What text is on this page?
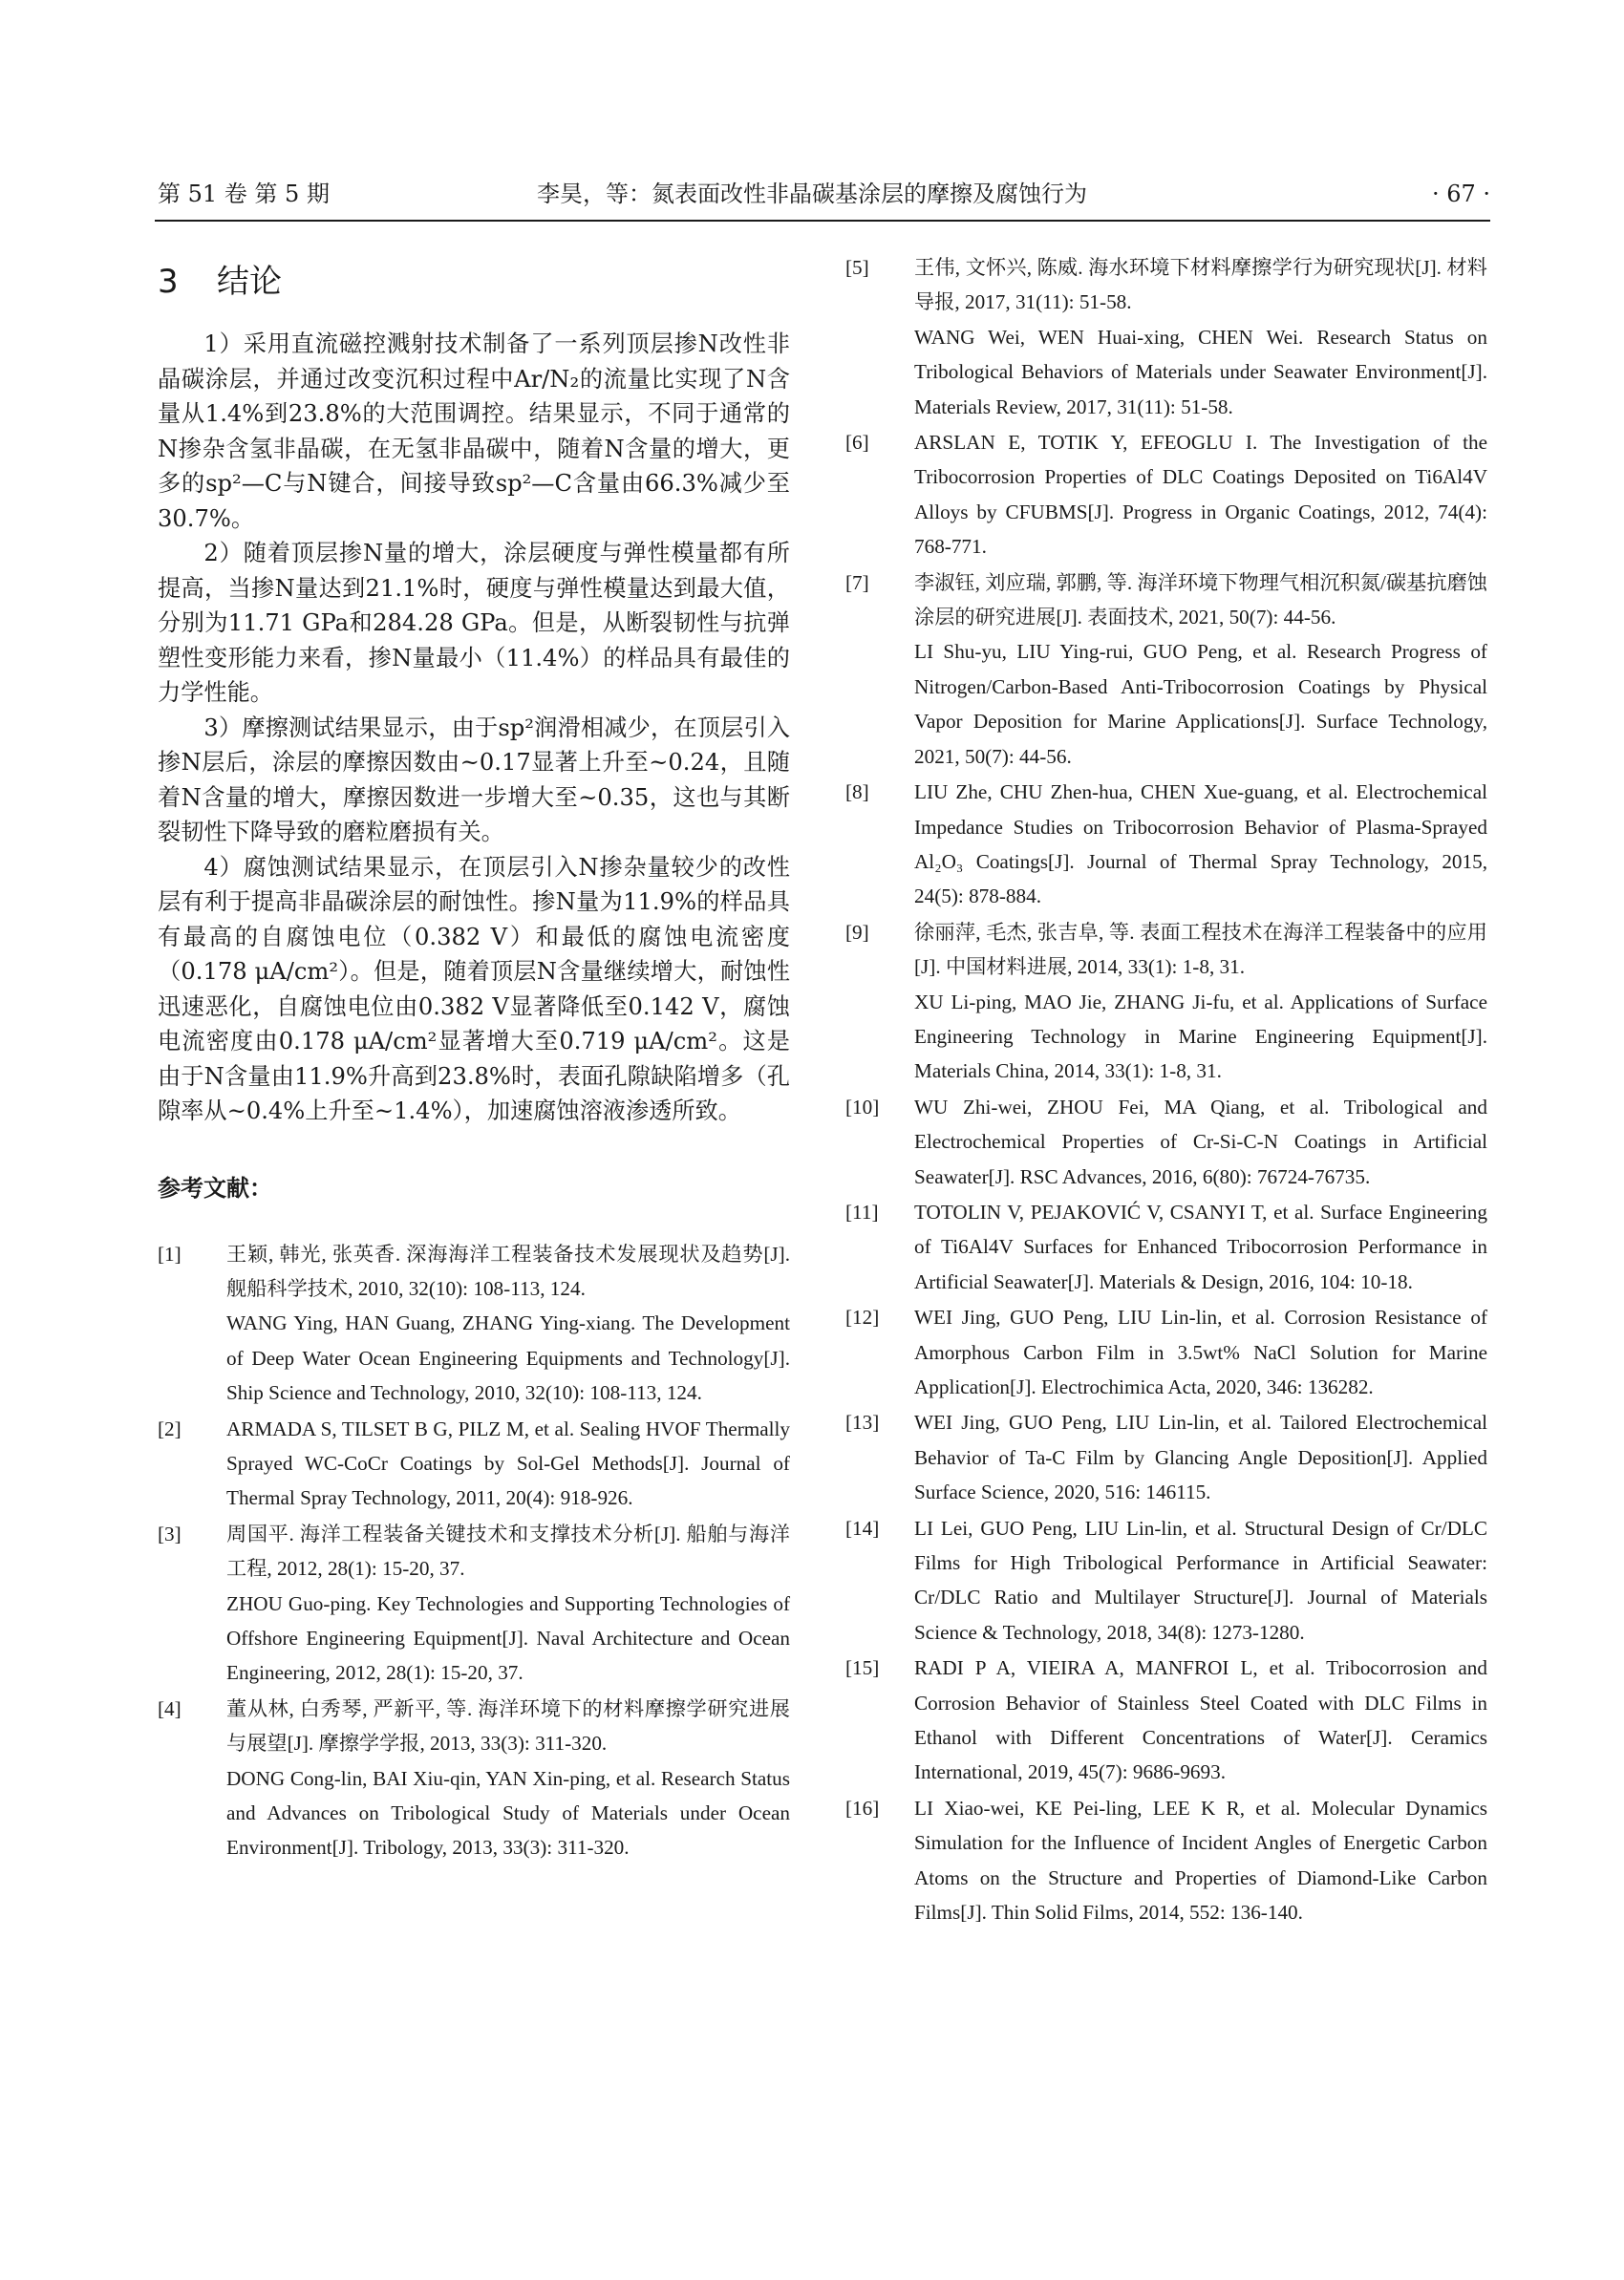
李昊，等：氮表面改性非晶碳基涂层的摩擦及腐蚀行为
第 51 卷 第 5 期	· 67 ·
3 结论

1）采用直流磁控溅射技术制备了一系列顶层掺N改性非晶碳涂层，并通过改变沉积过程中Ar/N₂的流量比实现了N含量从1.4%到23.8%的大范围调控。结果显示，不同于通常的N掺杂含氢非晶碳，在无氢非晶碳中，随着N含量的增大，更多的sp²—C与N键合，间接导致sp²—C含量由66.3%减少至30.7%。

2）随着顶层掺N量的增大，涂层硬度与弹性模量都有所提高，当掺N量达到21.1%时，硬度与弹性模量达到最大值，分别为11.71 GPa和284.28 GPa。但是，从断裂韧性与抗弹塑性变形能力来看，掺N量最小（11.4%）的样品具有最佳的力学性能。

3）摩擦测试结果显示，由于sp²润滑相减少，在顶层引入掺N层后，涂层的摩擦因数由~0.17显著上升至~0.24，且随着N含量的增大，摩擦因数进一步增大至~0.35，这也与其断裂韧性下降导致的磨粒磨损有关。

4）腐蚀测试结果显示，在顶层引入N掺杂量较少的改性层有利于提高非晶碳涂层的耐蚀性。掺N量为11.9%的样品具有最高的自腐蚀电位（0.382 V）和最低的腐蚀电流密度（0.178 μA/cm²）。但是，随着顶层N含量继续增大，耐蚀性迅速恶化，自腐蚀电位由0.382 V显著降低至0.142 V，腐蚀电流密度由0.178 μA/cm²显著增大至0.719 μA/cm²。这是由于N含量由11.9%升高到23.8%时，表面孔隙缺陷增多（孔隙率从~0.4%上升至~1.4%），加速腐蚀溶液渗透所致。

参考文献：
[1]	王颖, 韩光, 张英香. 深海海洋工程装备技术发展现状及趋势[J]. 舰船科学技术, 2010, 32(10): 108-113, 124.
WANG Ying, HAN Guang, ZHANG Ying-xiang. The Development of Deep Water Ocean Engineering Equipments and Technology[J]. Ship Science and Technology, 2010, 32(10): 108-113, 124.
[2]	ARMADA S, TILSET B G, PILZ M, et al. Sealing HVOF Thermally Sprayed WC-CoCr Coatings by Sol-Gel Methods[J]. Journal of Thermal Spray Technology, 2011, 20(4): 918-926.
[3]	周国平. 海洋工程装备关键技术和支撑技术分析[J]. 船舶与海洋工程, 2012, 28(1): 15-20, 37.
ZHOU Guo-ping. Key Technologies and Supporting Technologies of Offshore Engineering Equipment[J]. Naval Architecture and Ocean Engineering, 2012, 28(1): 15-20, 37.
[4]	董从林, 白秀琴, 严新平, 等. 海洋环境下的材料摩擦学研究进展与展望[J]. 摩擦学学报, 2013, 33(3): 311-320.
DONG Cong-lin, BAI Xiu-qin, YAN Xin-ping, et al. Research Status and Advances on Tribological Study of Materials under Ocean Environment[J]. Tribology, 2013, 33(3): 311-320.
[5]	王伟, 文怀兴, 陈威. 海水环境下材料摩擦学行为研究现状[J]. 材料导报, 2017, 31(11): 51-58.
WANG Wei, WEN Huai-xing, CHEN Wei. Research Status on Tribological Behaviors of Materials under Seawater Environment[J]. Materials Review, 2017, 31(11): 51-58.
[6]	ARSLAN E, TOTIK Y, EFEOGLU I. The Investigation of the Tribocorrosion Properties of DLC Coatings Deposited on Ti6Al4V Alloys by CFUBMS[J]. Progress in Organic Coatings, 2012, 74(4): 768-771.
[7]	李淑钰, 刘应瑞, 郭鹏, 等. 海洋环境下物理气相沉积氮/碳基抗磨蚀涂层的研究进展[J]. 表面技术, 2021, 50(7): 44-56.
LI Shu-yu, LIU Ying-rui, GUO Peng, et al. Research Progress of Nitrogen/Carbon-Based Anti-Tribocorrosion Coatings by Physical Vapor Deposition for Marine Applications[J]. Surface Technology, 2021, 50(7): 44-56.
[8]	LIU Zhe, CHU Zhen-hua, CHEN Xue-guang, et al. Electrochemical Impedance Studies on Tribocorrosion Behavior of Plasma-Sprayed Al₂O₃ Coatings[J]. Journal of Thermal Spray Technology, 2015, 24(5): 878-884.
[9]	徐丽萍, 毛杰, 张吉阜, 等. 表面工程技术在海洋工程装备中的应用[J]. 中国材料进展, 2014, 33(1): 1-8, 31.
XU Li-ping, MAO Jie, ZHANG Ji-fu, et al. Applications of Surface Engineering Technology in Marine Engineering Equipment[J]. Materials China, 2014, 33(1): 1-8, 31.
[10]	WU Zhi-wei, ZHOU Fei, MA Qiang, et al. Tribological and Electrochemical Properties of Cr-Si-C-N Coatings in Artificial Seawater[J]. RSC Advances, 2016, 6(80): 76724-76735.
[11]	TOTOLIN V, PEJAKOVIĆ V, CSANYI T, et al. Surface Engineering of Ti6Al4V Surfaces for Enhanced Tribocorrosion Performance in Artificial Seawater[J]. Materials & Design, 2016, 104: 10-18.
[12]	WEI Jing, GUO Peng, LIU Lin-lin, et al. Corrosion Resistance of Amorphous Carbon Film in 3.5wt% NaCl Solution for Marine Application[J]. Electrochimica Acta, 2020, 346: 136282.
[13]	WEI Jing, GUO Peng, LIU Lin-lin, et al. Tailored Electrochemical Behavior of Ta-C Film by Glancing Angle Deposition[J]. Applied Surface Science, 2020, 516: 146115.
[14]	LI Lei, GUO Peng, LIU Lin-lin, et al. Structural Design of Cr/DLC Films for High Tribological Performance in Artificial Seawater: Cr/DLC Ratio and Multilayer Structure[J]. Journal of Materials Science & Technology, 2018, 34(8): 1273-1280.
[15]	RADI P A, VIEIRA A, MANFROI L, et al. Tribocorrosion and Corrosion Behavior of Stainless Steel Coated with DLC Films in Ethanol with Different Concentrations of Water[J]. Ceramics International, 2019, 45(7): 9686-9693.
[16]	LI Xiao-wei, KE Pei-ling, LEE K R, et al. Molecular Dynamics Simulation for the Influence of Incident Angles of Energetic Carbon Atoms on the Structure and Properties of Diamond-Like Carbon Films[J]. Thin Solid Films, 2014, 552: 136-140.
